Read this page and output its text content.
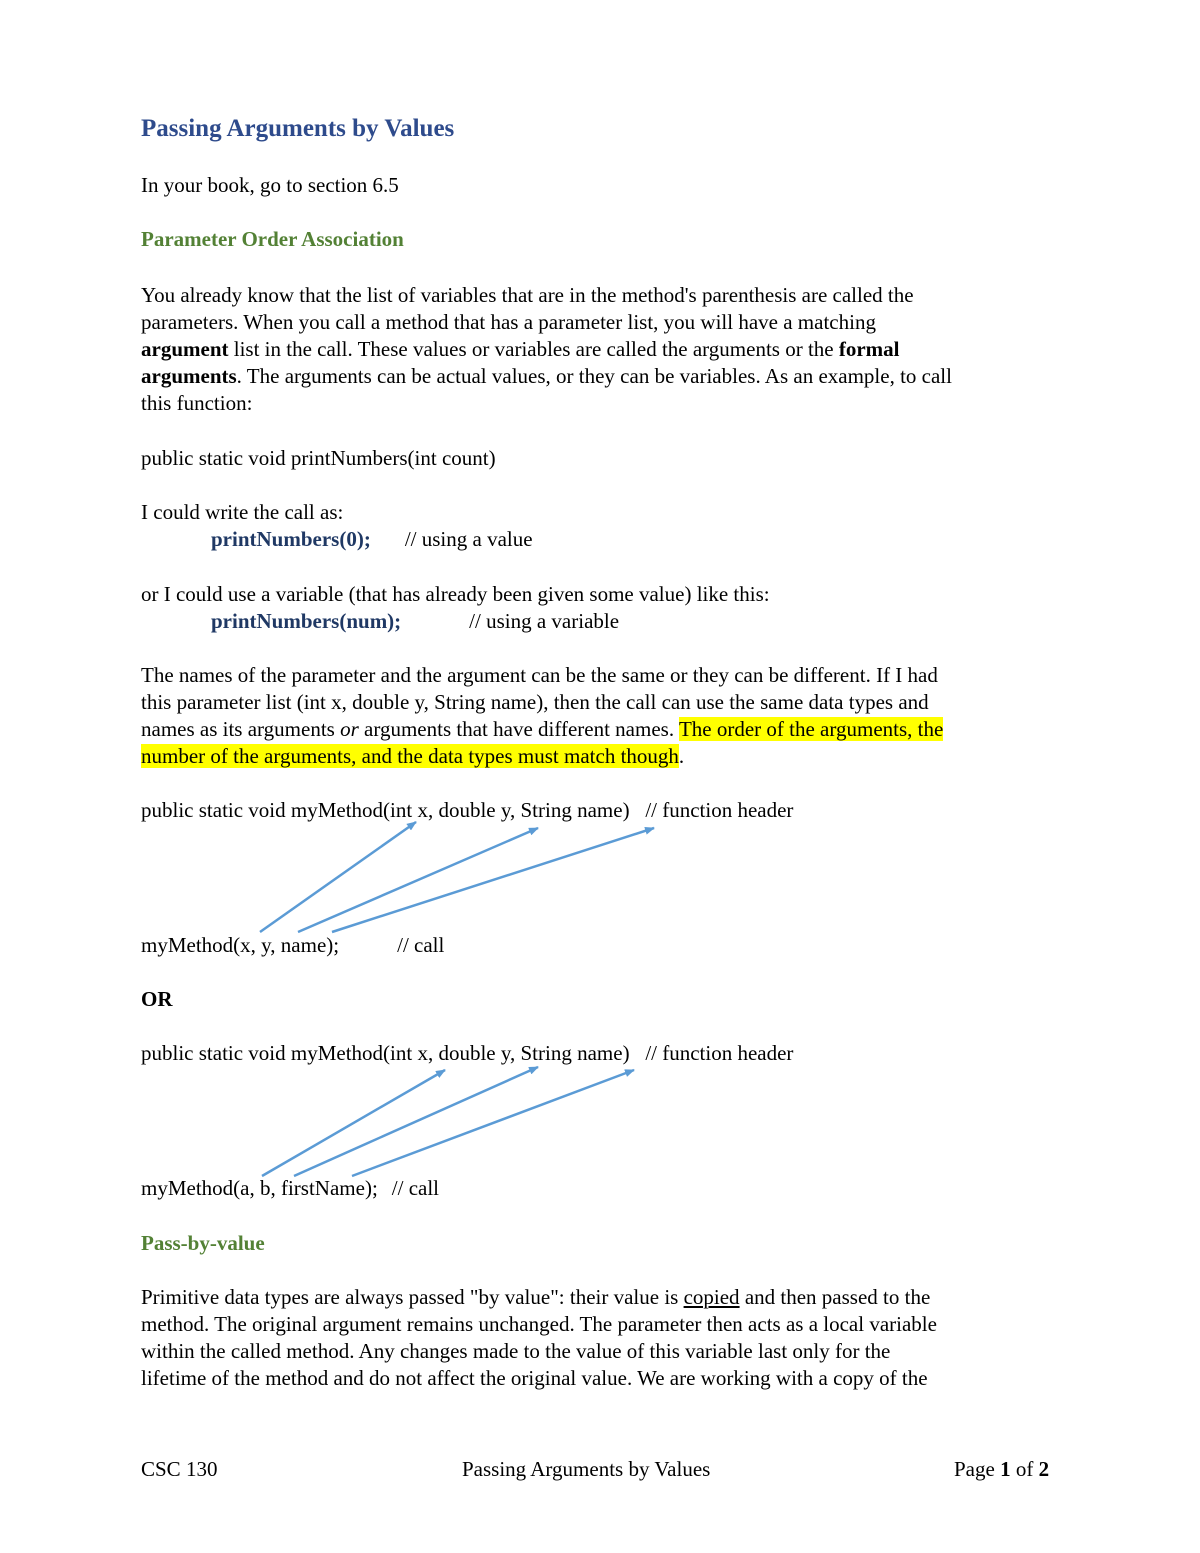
Passing Arguments by Values
In your book, go to section 6.5
Parameter Order Association
You already know that the list of variables that are in the method's parenthesis are called the
parameters. When you call a method that has a parameter list, you will have a matching
argument list in the call. These values or variables are called the arguments or the formal
arguments. The arguments can be actual values, or they can be variables. As an example, to call
this function:
public static void printNumbers(int count)
I could write the call as:
printNumbers(0); // using a value
or I could use a variable (that has already been given some value) like this:
printNumbers(num);	// using a variable
The names of the parameter and the argument can be the same or they can be different. If I had
this parameter list (int x, double y, String name), then the call can use the same data types and
names as its arguments or arguments that have different names. The order of the arguments, the
number of the arguments, and the data types must match though.
public static void myMethod(int x, double y, String name)   // function header
myMethod(x, y, name);	// call
OR
public static void myMethod(int x, double y, String name)   // function header
myMethod(a, b, firstName); // call
Pass-by-value
Primitive data types are always passed "by value": their value is copied and then passed to the
method. The original argument remains unchanged. The parameter then acts as a local variable
within the called method. Any changes made to the value of this variable last only for the
lifetime of the method and do not affect the original value. We are working with a copy of the
CSC 130	Passing Arguments by Values	Page 1 of 2
